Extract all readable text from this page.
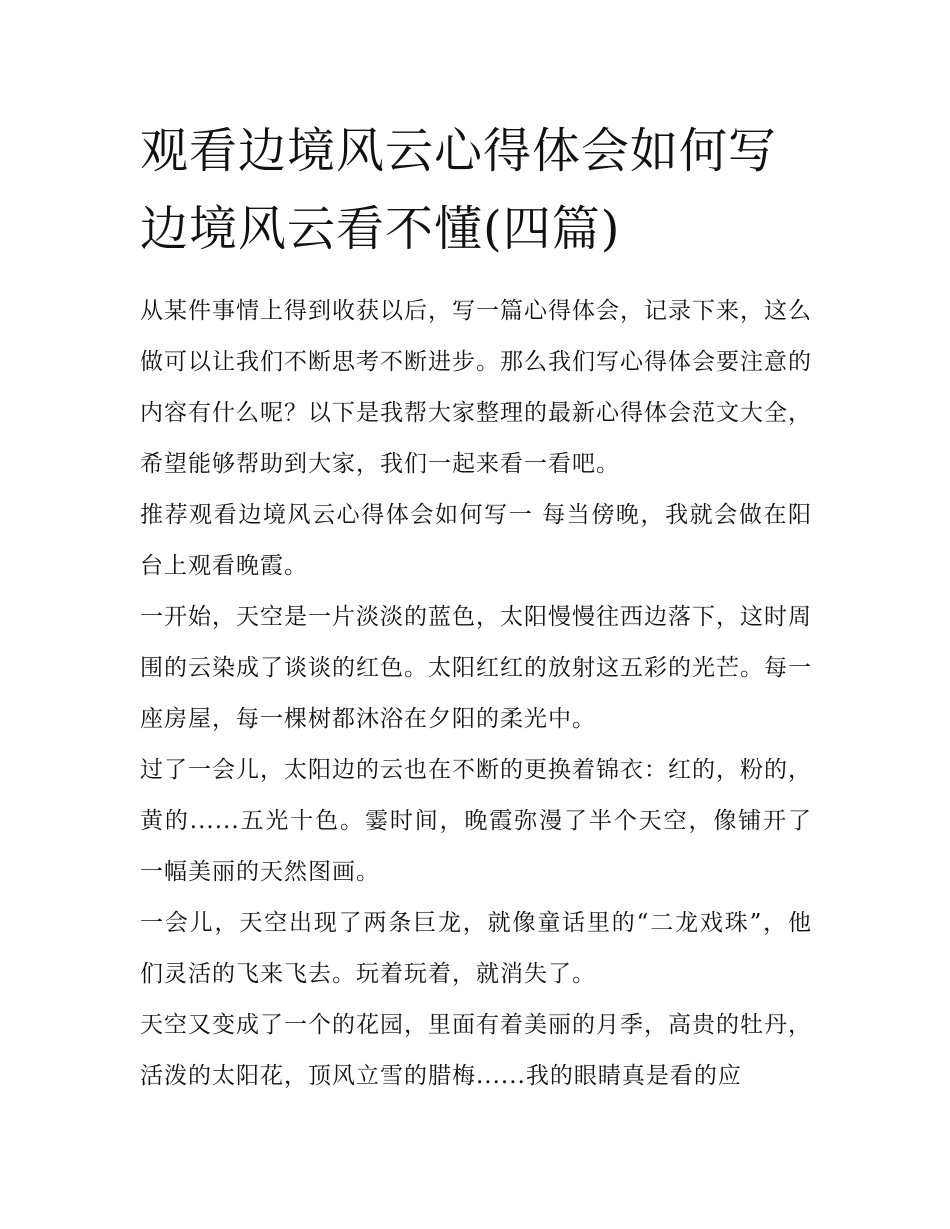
观看边境风云心得体会如何写边境风云看不懂(四篇)

从某件事情上得到收获以后，写一篇心得体会，记录下来，这么做可以让我们不断思考不断进步。那么我们写心得体会要注意的内容有什么呢？以下是我帮大家整理的最新心得体会范文大全，希望能够帮助到大家，我们一起来看一看吧。

推荐观看边境风云心得体会如何写一 每当傍晚，我就会做在阳台上观看晚霞。

一开始，天空是一片淡淡的蓝色，太阳慢慢往西边落下，这时周围的云染成了谈谈的红色。太阳红红的放射这五彩的光芒。每一座房屋，每一棵树都沐浴在夕阳的柔光中。

过了一会儿，太阳边的云也在不断的更换着锦衣：红的，粉的，黄的......五光十色。霎时间，晚霞弥漫了半个天空，像铺开了一幅美丽的天然图画。

一会儿，天空出现了两条巨龙，就像童话里的“二龙戏珠”，他们灵活的飞来飞去。玩着玩着，就消失了。

天空又变成了一个的花园，里面有着美丽的月季，高贵的牡丹，活泼的太阳花，顶风立雪的腊梅......我的眼睛真是看的应
